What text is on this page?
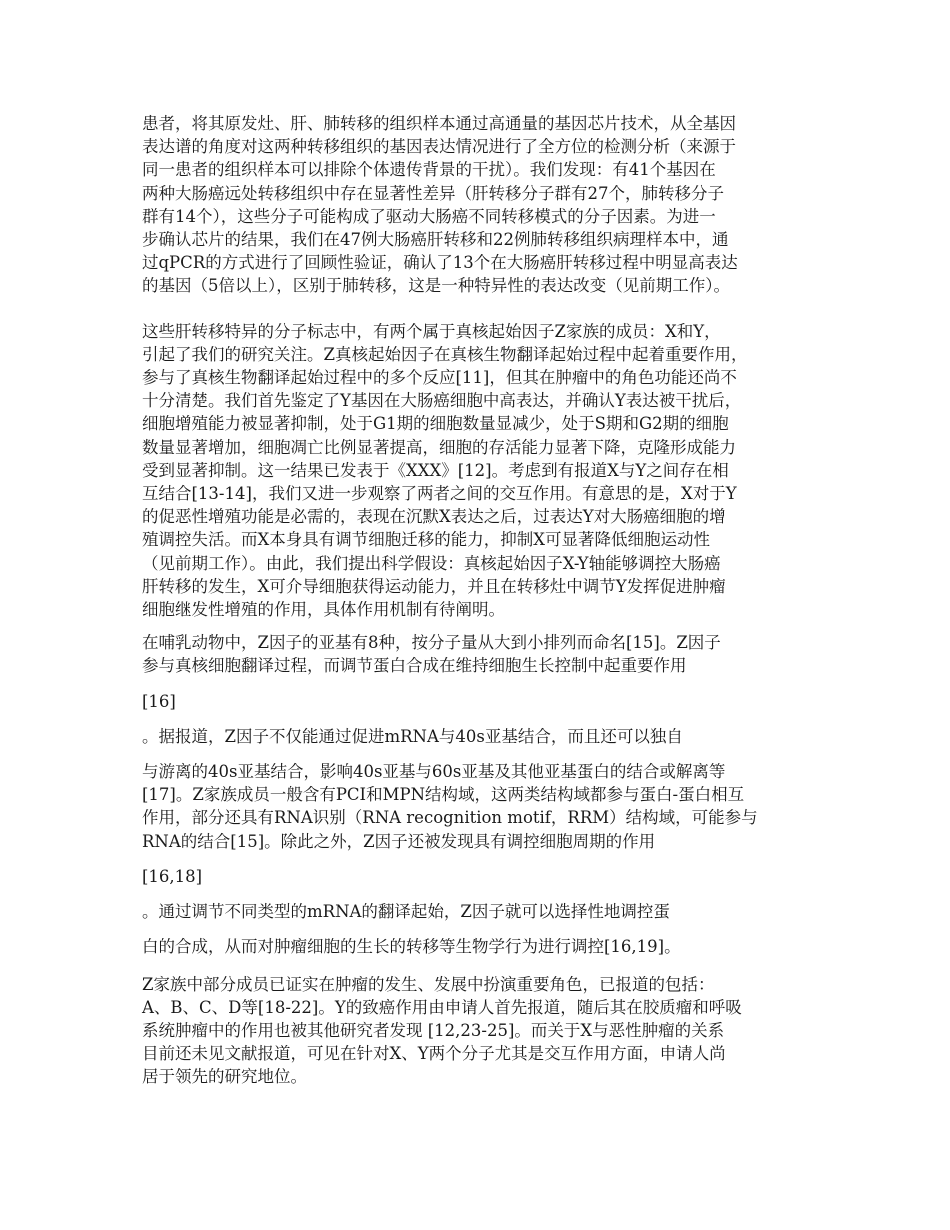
患者，将其原发灶、肝、肺转移的组织样本通过高通量的基因芯片技术，从全基因
表达谱的角度对这两种转移组织的基因表达情况进行了全方位的检测分析（来源于
同一患者的组织样本可以排除个体遗传背景的干扰）。我们发现：有41个基因在
两种大肠癌远处转移组织中存在显著性差异（肝转移分子群有27个，肺转移分子
群有14个），这些分子可能构成了驱动大肠癌不同转移模式的分子因素。为进一
步确认芯片的结果，我们在47例大肠癌肝转移和22例肺转移组织病理样本中，通
过qPCR的方式进行了回顾性验证，确认了13个在大肠癌肝转移过程中明显高表达
的基因（5倍以上），区别于肺转移，这是一种特异性的表达改变（见前期工作）。
这些肝转移特异的分子标志中，有两个属于真核起始因子Z家族的成员：X和Y，
引起了我们的研究关注。Z真核起始因子在真核生物翻译起始过程中起着重要作用，
参与了真核生物翻译起始过程中的多个反应[11]，但其在肿瘤中的角色功能还尚不
十分清楚。我们首先鉴定了Y基因在大肠癌细胞中高表达，并确认Y表达被干扰后，
细胞增殖能力被显著抑制，处于G1期的细胞数量显减少，处于S期和G2期的细胞
数量显著增加，细胞凋亡比例显著提高，细胞的存活能力显著下降，克隆形成能力
受到显著抑制。这一结果已发表于《XXX》[12]。考虑到有报道X与Y之间存在相
互结合[13-14]，我们又进一步观察了两者之间的交互作用。有意思的是，X对于Y
的促恶性增殖功能是必需的，表现在沉默X表达之后，过表达Y对大肠癌细胞的增
殖调控失活。而X本身具有调节细胞迁移的能力，抑制X可显著降低细胞运动性
（见前期工作）。由此，我们提出科学假设：真核起始因子X-Y轴能够调控大肠癌
肝转移的发生，X可介导细胞获得运动能力，并且在转移灶中调节Y发挥促进肿瘤
细胞继发性增殖的作用，具体作用机制有待阐明。
在哺乳动物中，Z因子的亚基有8种，按分子量从大到小排列而命名[15]。Z因子
参与真核细胞翻译过程，而调节蛋白合成在维持细胞生长控制中起重要作用
[16]
。据报道，Z因子不仅能通过促进mRNA与40s亚基结合，而且还可以独自
与游离的40s亚基结合，影响40s亚基与60s亚基及其他亚基蛋白的结合或解离等
[17]。Z家族成员一般含有PCI和MPN结构域，这两类结构域都参与蛋白-蛋白相互
作用，部分还具有RNA识别（RNA recognition motif，RRM）结构域，可能参与
RNA的结合[15]。除此之外，Z因子还被发现具有调控细胞周期的作用
[16,18]
。通过调节不同类型的mRNA的翻译起始，Z因子就可以选择性地调控蛋
白的合成，从而对肿瘤细胞的生长的转移等生物学行为进行调控[16,19]。
Z家族中部分成员已证实在肿瘤的发生、发展中扮演重要角色，已报道的包括：
A、B、C、D等[18-22]。Y的致癌作用由申请人首先报道，随后其在胶质瘤和呼吸
系统肿瘤中的作用也被其他研究者发现 [12,23-25]。而关于X与恶性肿瘤的关系
目前还未见文献报道，可见在针对X、Y两个分子尤其是交互作用方面，申请人尚
居于领先的研究地位。
